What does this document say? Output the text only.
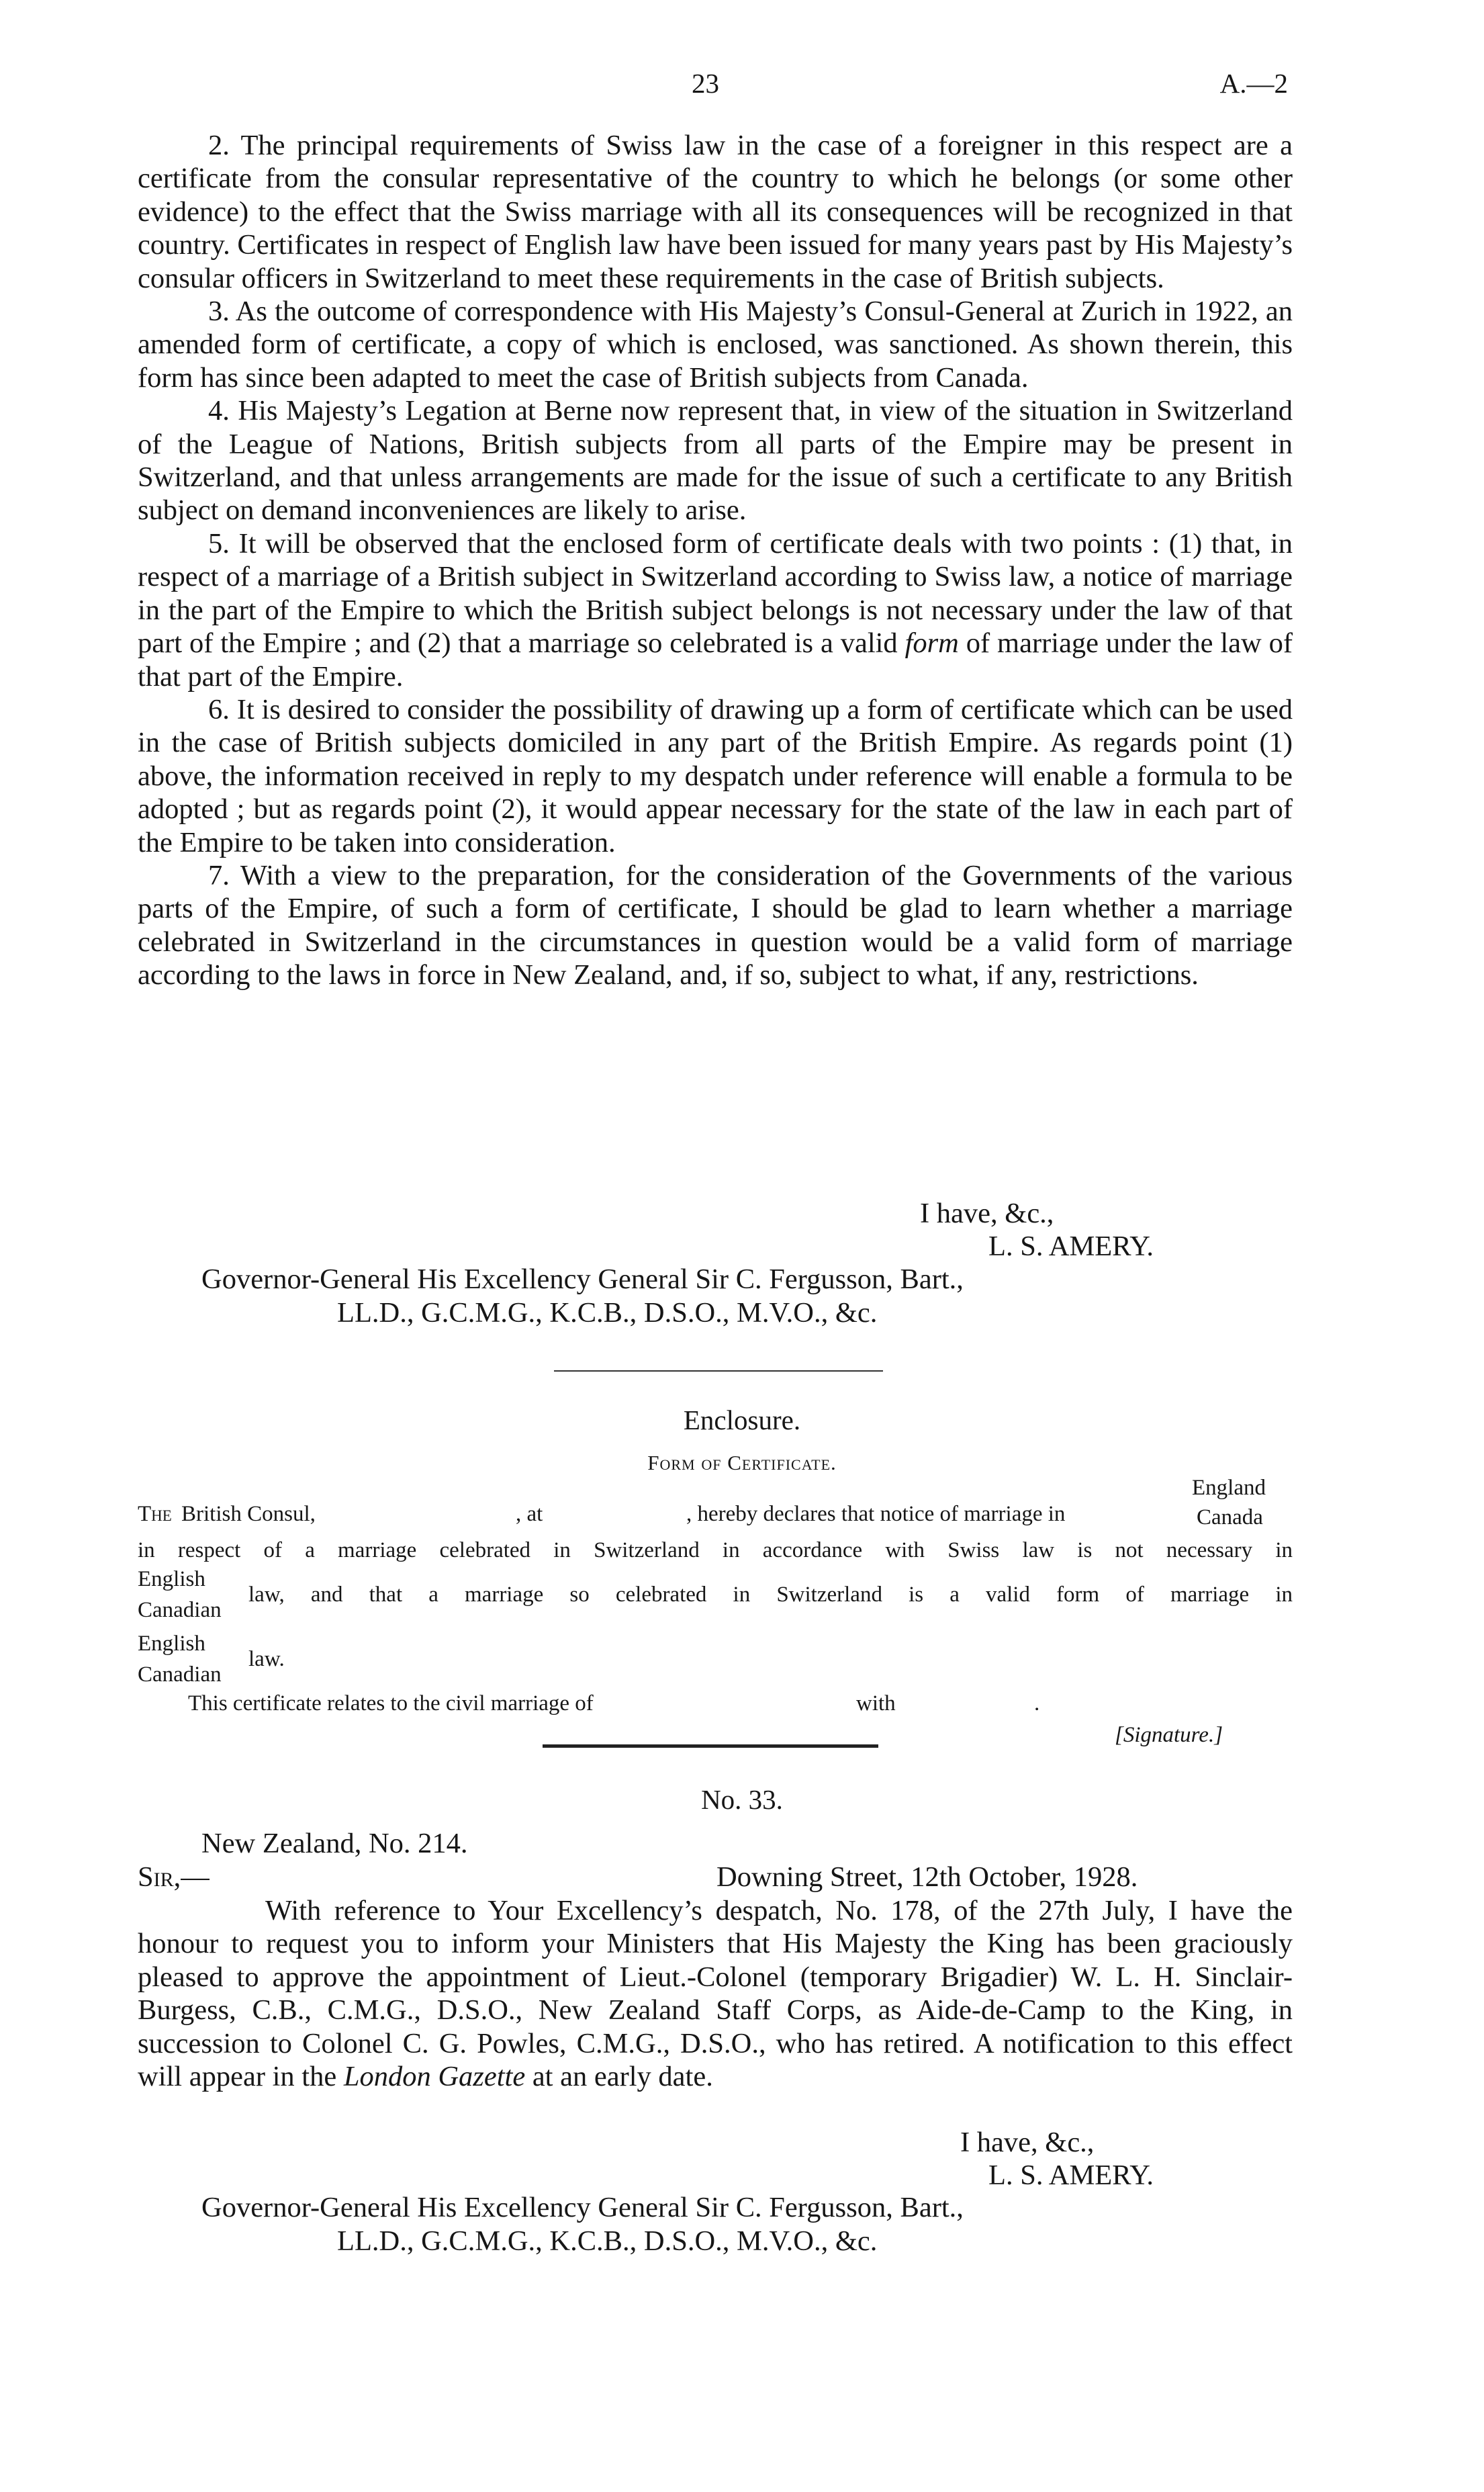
23	A.—2

2. The principal requirements of Swiss law in the case of a foreigner in this respect are a certificate from the consular representative of the country to which he belongs (or some other evidence) to the effect that the Swiss marriage with all its consequences will be recognized in that country. Certificates in respect of English law have been issued for many years past by His Majesty’s consular officers in Switzerland to meet these requirements in the case of British subjects.

3. As the outcome of correspondence with His Majesty’s Consul-General at Zurich in 1922, an amended form of certificate, a copy of which is enclosed, was sanctioned. As shown therein, this form has since been adapted to meet the case of British subjects from Canada.

4. His Majesty’s Legation at Berne now represent that, in view of the situation in Switzerland of the League of Nations, British subjects from all parts of the Empire may be present in Switzerland, and that unless arrangements are made for the issue of such a certificate to any British subject on demand inconveniences are likely to arise.

5. It will be observed that the enclosed form of certificate deals with two points : (1) that, in respect of a marriage of a British subject in Switzerland according to Swiss law, a notice of marriage in the part of the Empire to which the British subject belongs is not necessary under the law of that part of the Empire ; and (2) that a marriage so celebrated is a valid form of marriage under the law of that part of the Empire.

6. It is desired to consider the possibility of drawing up a form of certificate which can be used in the case of British subjects domiciled in any part of the British Empire. As regards point (1) above, the information received in reply to my despatch under reference will enable a formula to be adopted ; but as regards point (2), it would appear necessary for the state of the law in each part of the Empire to be taken into consideration.

7. With a view to the preparation, for the consideration of the Governments of the various parts of the Empire, of such a form of certificate, I should be glad to learn whether a marriage celebrated in Switzerland in the circumstances in question would be a valid form of marriage according to the laws in force in New Zealand, and, if so, subject to what, if any, restrictions.

I have, &c.,
L. S. AMERY.
Governor-General His Excellency General Sir C. Fergusson, Bart.,
LL.D., G.C.M.G., K.C.B., D.S.O., M.V.O., &c.
Enclosure.
Form of Certificate.
The British Consul,	, at	, hereby declares that notice of marriage in
England
Canada
in respect of a marriage celebrated in Switzerland in accordance with Swiss law is not necessary in
English
Canadian
law, and that a marriage so celebrated in Switzerland is a valid form of marriage in
English
Canadian
law.
This certificate relates to the civil marriage of	with	.
[Signature.]
No. 33.
New Zealand, No. 214.
Sir,—	Downing Street, 12th October, 1928.

With reference to Your Excellency’s despatch, No. 178, of the 27th July, I have the honour to request you to inform your Ministers that His Majesty the King has been graciously pleased to approve the appointment of Lieut.-Colonel (temporary Brigadier) W. L. H. Sinclair-Burgess, C.B., C.M.G., D.S.O., New Zealand Staff Corps, as Aide-de-Camp to the King, in succession to Colonel C. G. Powles, C.M.G., D.S.O., who has retired. A notification to this effect will appear in the London Gazette at an early date.

I have, &c.,
L. S. AMERY.
Governor-General His Excellency General Sir C. Fergusson, Bart.,
LL.D., G.C.M.G., K.C.B., D.S.O., M.V.O., &c.
